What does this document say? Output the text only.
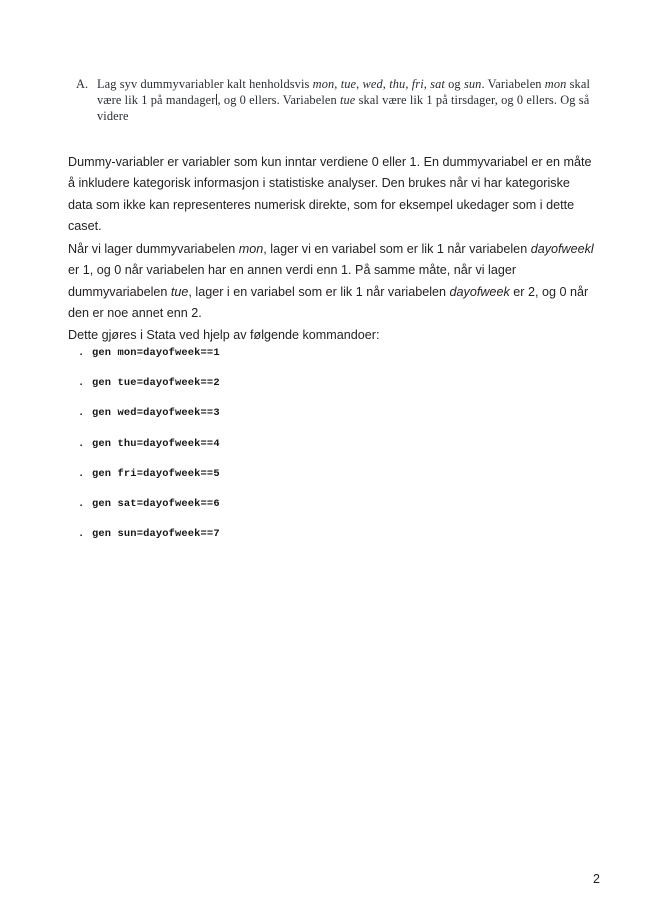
A. Lag syv dummyvariabler kalt henholdsvis mon, tue, wed, thu, fri, sat og sun. Variabelen mon skal være lik 1 på mandager , og 0 ellers. Variabelen tue skal være lik 1 på tirsdager, og 0 ellers. Og så videre

Dummy-variabler er variabler som kun inntar verdiene 0 eller 1. En dummyvariabel er en måte å inkludere kategorisk informasjon i statistiske analyser. Den brukes når vi har kategoriske data som ikke kan representeres numerisk direkte, som for eksempel ukedager som i dette caset.

Når vi lager dummyvariabelen mon, lager vi en variabel som er lik 1 når variabelen dayofweekl er 1, og 0 når variabelen har en annen verdi enn 1. På samme måte, når vi lager dummyvariabelen tue, lager i en variabel som er lik 1 når variabelen dayofweek er 2, og 0 når den er noe annet enn 2.

Dette gjøres i Stata ved hjelp av følgende kommandoer:

.

gen mon=dayofweek==1

.

gen tue=dayofweek==2

.

gen wed=dayofweek==3

.

gen thu=dayofweek==4

.

gen fri=dayofweek==5

.

gen sat=dayofweek==6

.

gen sun=dayofweek==7

2
